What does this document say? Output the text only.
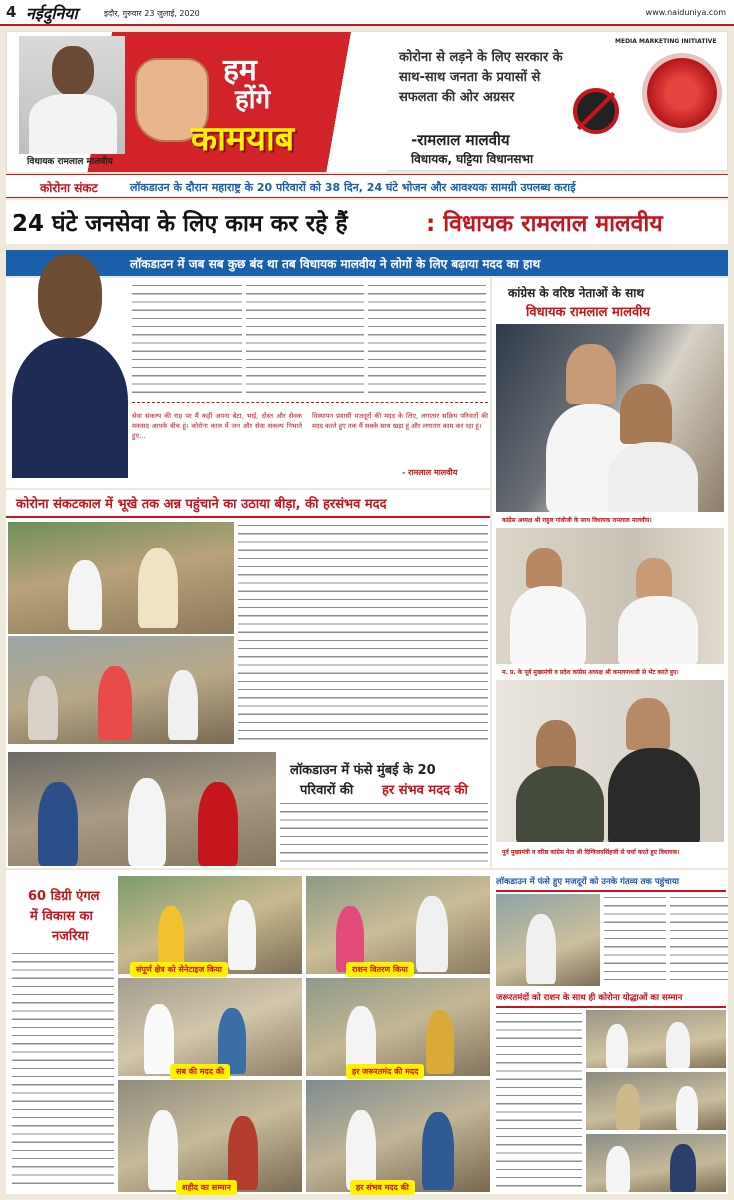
4 नईदुनिया	इंदौर, गुरुवार 23 जुलाई, 2020	www.naiduniya.com
विधायक रामलाल मालवीय
हम
होंगे
कामयाब
MEDIA MARKETING INITIATIVE
कोरोना से लड़ने के लिए सरकार के साथ-साथ जनता के प्रयासों से सफलता की ओर अग्रसर
-रामलाल मालवीय
विधायक, घट्टिया विधानसभा
कोरोना संकट	लॉकडाउन के दौरान महाराष्ट्र के 20 परिवारों को 38 दिन, 24 घंटे भोजन और आवश्यक सामग्री उपलब्ध कराई
24 घंटे जनसेवा के लिए काम कर रहे हैं	: विधायक रामलाल मालवीय
लॉकडाउन में जब सब कुछ बंद था तब विधायक मालवीय ने लोगों के लिए बढ़ाया मदद का हाथ
सेवा संकल्प की राह पर मैं कहीं अपना बेटा, भाई, दोस्त और सेवक मकसद आपके बीच हूं। कोरोना काल में जन और सेवा संकल्प निभाते हुए...
विस्थापन प्रवासी मजदूरों की मदद के लिए, लगातार सक्रिय परिवारों की मदद करते हुए तक मैं सबके साथ खड़ा हूं और लगातार काम कर रहा हूं।
- रामलाल मालवीय
कांग्रेस के वरिष्ठ नेताओं के साथ
विधायक रामलाल मालवीय
कांग्रेस अध्यक्ष श्री राहुल गांधीजी के साथ विधायक रामलाल मालवीय।
म. प्र. के पूर्व मुख्यमंत्री व प्रदेश कांग्रेस अध्यक्ष श्री कमलनाथजी से भेंट करते हुए।
पूर्व मुख्यमंत्री व वरिष्ठ कांग्रेस नेता श्री दिग्विजयसिंहजी से चर्चा करते हुए विधायक।
कोरोना संकटकाल में भूखे तक अन्न पहुंचाने का उठाया बीड़ा, की हरसंभव मदद
लॉकडाउन में फंसे मुंबई के 20
परिवारों की हर संभव मदद की
60 डिग्री एंगल
में विकास का
नजरिया
संपूर्ण क्षेत्र को सेनेटाइज किया	राशन वितरण किया
सब की मदद की	हर जरूरतमंद की मदद
शहीद का सम्मान	हर संभव मदद की
लॉकडाउन में फंसे हुए मजदूरों को उनके गंतव्य तक पहुंचाया
जरूरतमंदों को राशन के साथ ही कोरोना योद्धाओं का सम्मान
